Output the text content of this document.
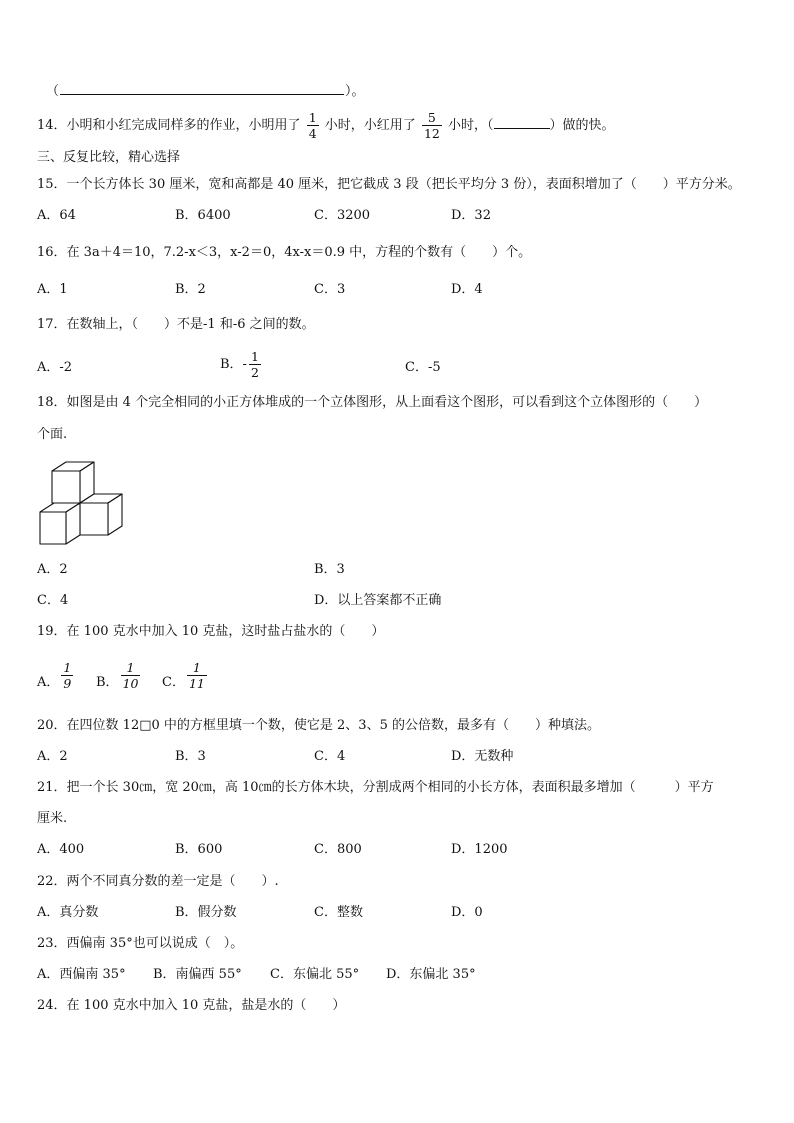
（	）。
14．小明和小红完成同样多的作业，小明用了 $\frac{1}{4}$ 小时，小红用了 $\frac{5}{12}$ 小时，（	）做的快。
三、反复比较，精心选择
15．一个长方体长 30 厘米，宽和高都是 40 厘米，把它截成 3 段（把长平均分 3 份），表面积增加了（　　）平方分米。
A．64	B．6400	C．3200	D．32
16．在 3a＋4＝10，7.2-x＜3，x-2＝0，4x-x＝0.9 中，方程的个数有（　　）个。
A．1	B．2	C．3	D．4
17．在数轴上，（　　）不是-1 和-6 之间的数。
A．-2	B．- $\frac{1}{2}$	C．-5
18．如图是由 4 个完全相同的小正方体堆成的一个立体图形，从上面看这个图形，可以看到这个立体图形的（　　）
个面.
A．2	B．3
C．4	D．以上答案都不正确
19．在 100 克水中加入 10 克盐，这时盐占盐水的（　　）
A． $\frac{1}{9}$ B． $\frac{1}{10}$ C． $\frac{1}{11}$
20．在四位数 12□0 中的方框里填一个数，使它是 2、3、5 的公倍数，最多有（　　）种填法。
A．2	B．3	C．4	D．无数种
21．把一个长 30㎝，宽 20㎝，高 10㎝的长方体木块，分割成两个相同的小长方体，表面积最多增加（　　　）平方
厘米.
A．400	B．600	C．800	D．1200
22．两个不同真分数的差一定是（　　）.
A．真分数	B．假分数	C．整数	D．0
23．西偏南 35°也可以说成（　）。
A．西偏南 35° B．南偏西 55° C．东偏北 55° D．东偏北 35°
24．在 100 克水中加入 10 克盐，盐是水的（　　）
